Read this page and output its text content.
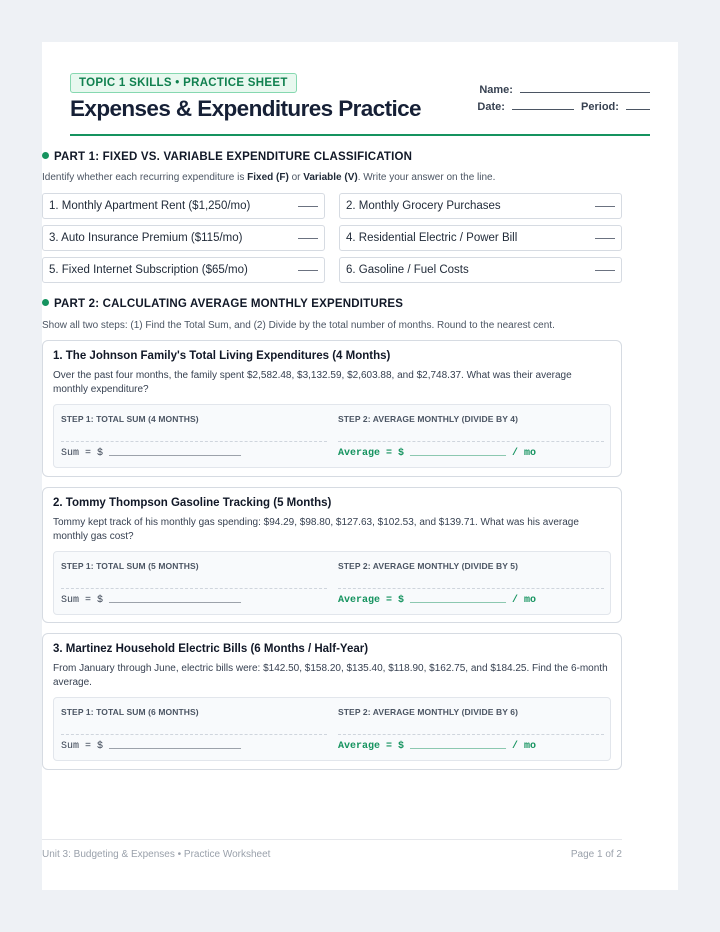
TOPIC 1 SKILLS • PRACTICE SHEET
Expenses & Expenditures Practice
Name:
Date:	Period:
PART 1: FIXED VS. VARIABLE EXPENDITURE CLASSIFICATION
Identify whether each recurring expenditure is Fixed (F) or Variable (V). Write your answer on the line.
1. Monthly Apartment Rent ($1,250/mo)	2. Monthly Grocery Purchases
3. Auto Insurance Premium ($115/mo)	4. Residential Electric / Power Bill
5. Fixed Internet Subscription ($65/mo)	6. Gasoline / Fuel Costs
PART 2: CALCULATING AVERAGE MONTHLY EXPENDITURES
Show all two steps: (1) Find the Total Sum, and (2) Divide by the total number of months. Round to the nearest cent.
1. The Johnson Family's Total Living Expenditures (4 Months)
Over the past four months, the family spent $2,582.48, $3,132.59, $2,603.88, and $2,748.37. What was their average monthly expenditure?
STEP 1: TOTAL SUM (4 MONTHS)	STEP 2: AVERAGE MONTHLY (DIVIDE BY 4)
Sum = $ ______________________	Average = $ ________________ / mo
2. Tommy Thompson Gasoline Tracking (5 Months)
Tommy kept track of his monthly gas spending: $94.29, $98.80, $127.63, $102.53, and $139.71. What was his average monthly gas cost?
STEP 1: TOTAL SUM (5 MONTHS)	STEP 2: AVERAGE MONTHLY (DIVIDE BY 5)
Sum = $ ______________________	Average = $ ________________ / mo
3. Martinez Household Electric Bills (6 Months / Half-Year)
From January through June, electric bills were: $142.50, $158.20, $135.40, $118.90, $162.75, and $184.25. Find the 6-month average.
STEP 1: TOTAL SUM (6 MONTHS)	STEP 2: AVERAGE MONTHLY (DIVIDE BY 6)
Sum = $ ______________________	Average = $ ________________ / mo
Unit 3: Budgeting & Expenses • Practice Worksheet	Page 1 of 2
